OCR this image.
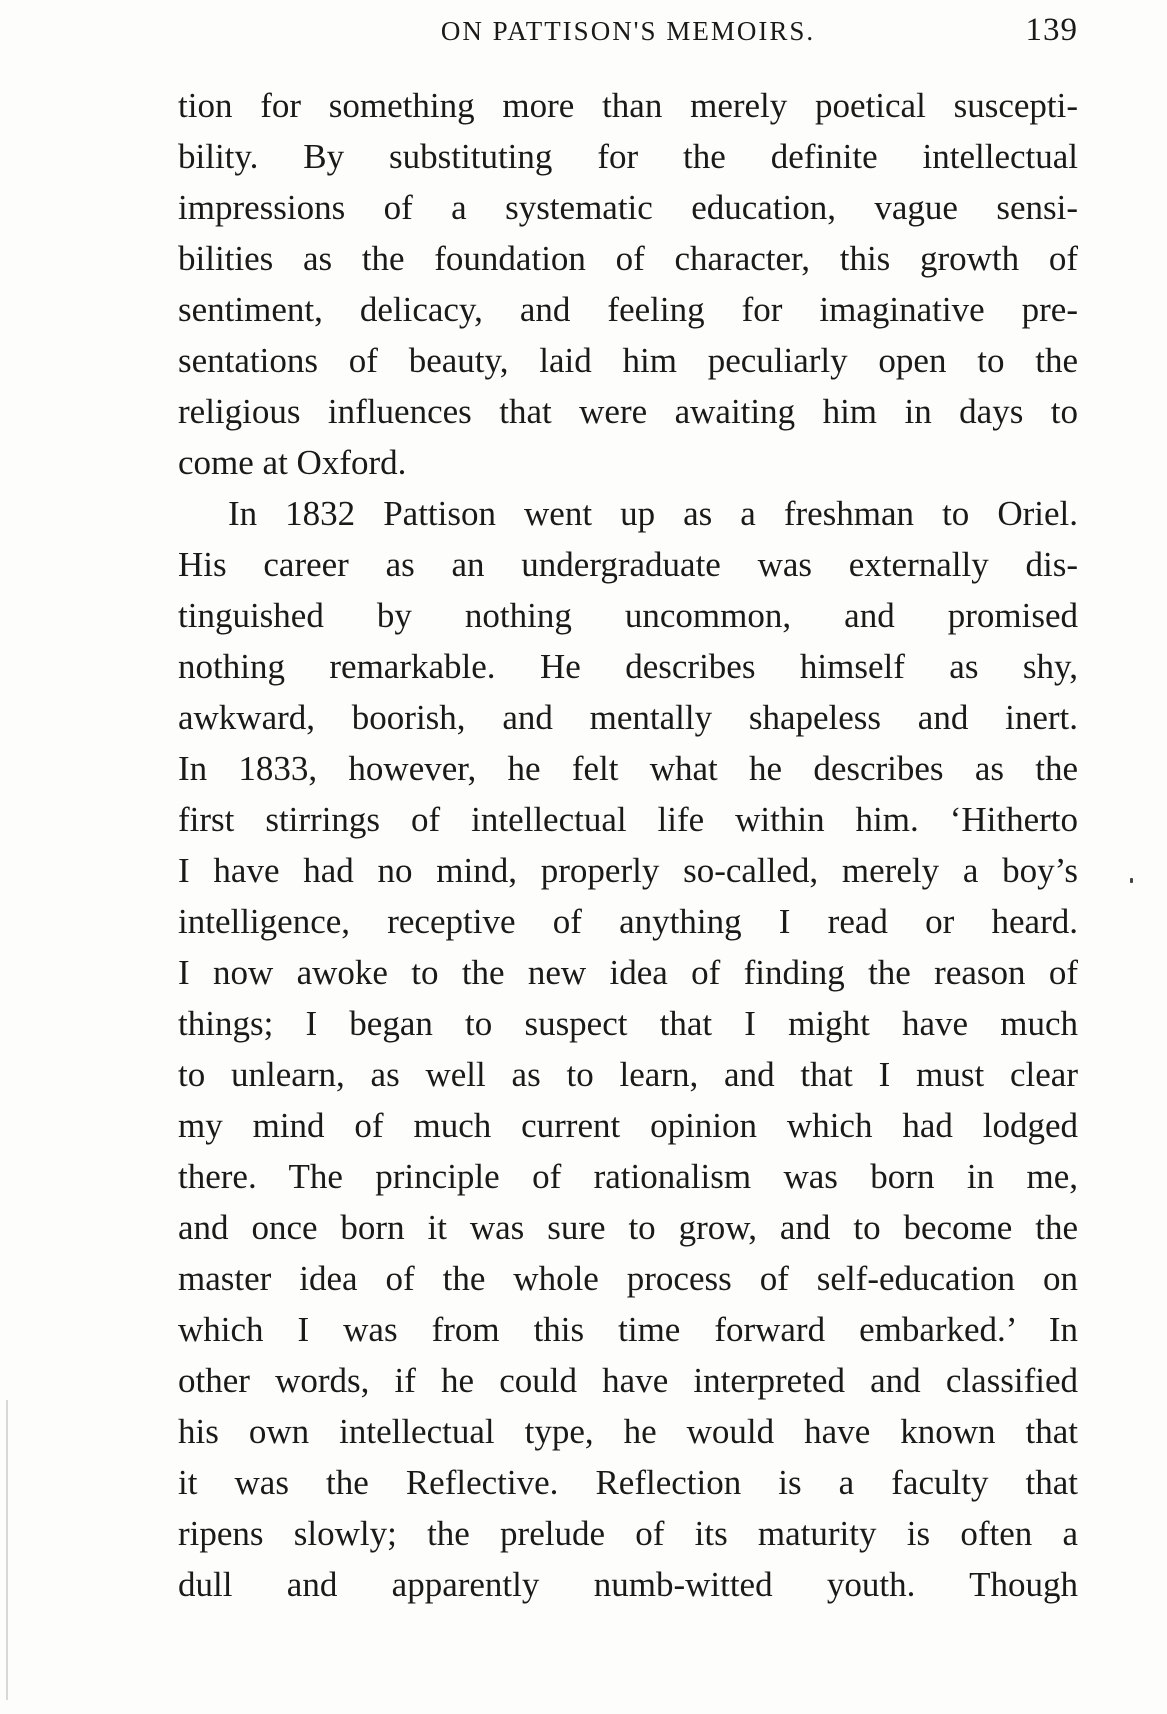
ON PATTISON'S MEMOIRS.	139
tion for something more than merely poetical suscepti-
bility. By substituting for the definite intellectual
impressions of a systematic education, vague sensi-
bilities as the foundation of character, this growth of
sentiment, delicacy, and feeling for imaginative pre-
sentations of beauty, laid him peculiarly open to the
religious influences that were awaiting him in days to
come at Oxford.
In 1832 Pattison went up as a freshman to Oriel.
His career as an undergraduate was externally dis-
tinguished by nothing uncommon, and promised
nothing remarkable. He describes himself as shy,
awkward, boorish, and mentally shapeless and inert.
In 1833, however, he felt what he describes as the
first stirrings of intellectual life within him. ‘Hitherto
I have had no mind, properly so-called, merely a boy’s
intelligence, receptive of anything I read or heard.
I now awoke to the new idea of finding the reason of
things; I began to suspect that I might have much
to unlearn, as well as to learn, and that I must clear
my mind of much current opinion which had lodged
there. The principle of rationalism was born in me,
and once born it was sure to grow, and to become the
master idea of the whole process of self-education on
which I was from this time forward embarked.’ In
other words, if he could have interpreted and classified
his own intellectual type, he would have known that
it was the Reflective. Reflection is a faculty that
ripens slowly; the prelude of its maturity is often a
dull and apparently numb-witted youth. Though
